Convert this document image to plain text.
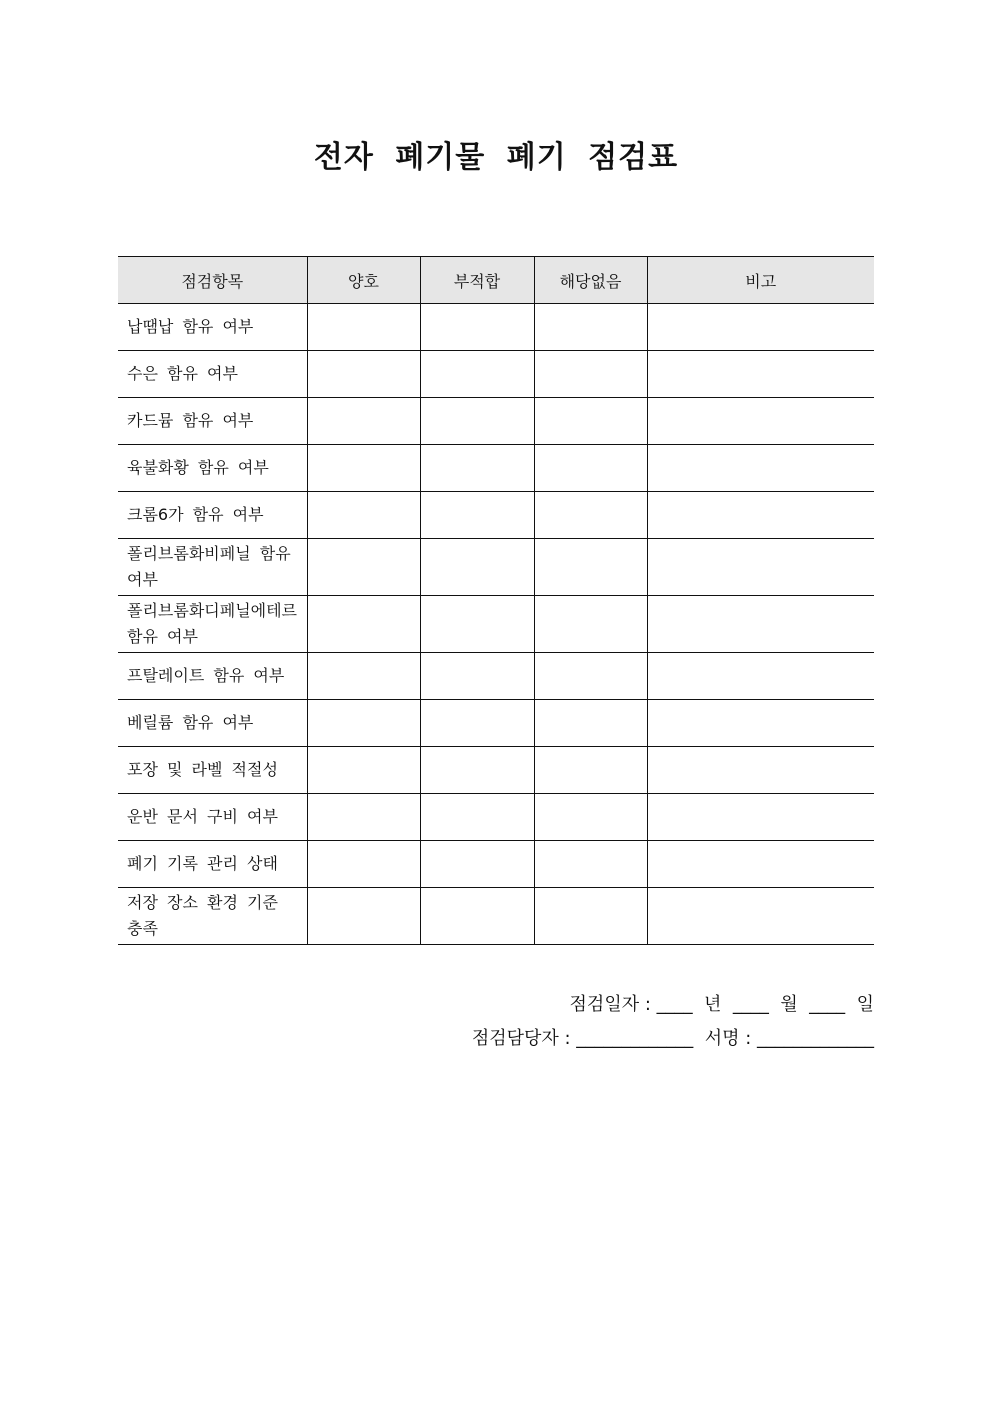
전자 폐기물 폐기 점검표
점검항목	양호	부적합	해당없음	비고
납땜납 함유 여부				
수은 함유 여부				
카드뮴 함유 여부				
육불화황 함유 여부				
크롬6가 함유 여부				
폴리브롬화비페닐 함유 여부				
폴리브롬화디페닐에테르 함유 여부				
프탈레이트 함유 여부				
베릴륨 함유 여부				
포장 및 라벨 적절성				
운반 문서 구비 여부				
폐기 기록 관리 상태				
저장 장소 환경 기준 충족				
점검일자 : ____  년  ____  월  ____  일
점검담당자 : _____________  서명 : _____________
